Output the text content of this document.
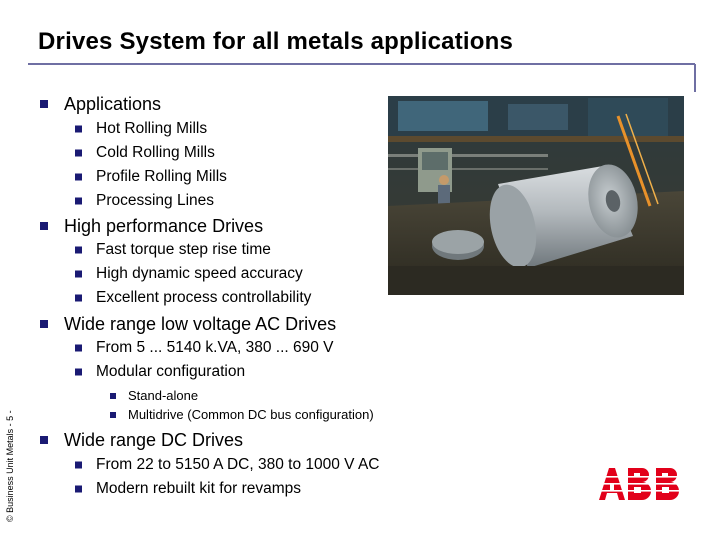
Drives System for all metals applications
© Business Unit Metals - 5 -
Applications
Hot Rolling Mills
Cold Rolling Mills
Profile Rolling Mills
Processing Lines
High performance Drives
Fast torque step rise time
High dynamic speed accuracy
Excellent process controllability
Wide range low voltage AC Drives
From 5 ... 5140 k.VA, 380 ... 690 V
Modular configuration
Stand-alone
Multidrive (Common DC bus configuration)
Wide range DC Drives
From 22 to 5150 A DC, 380 to 1000 V AC
Modern rebuilt kit for revamps
